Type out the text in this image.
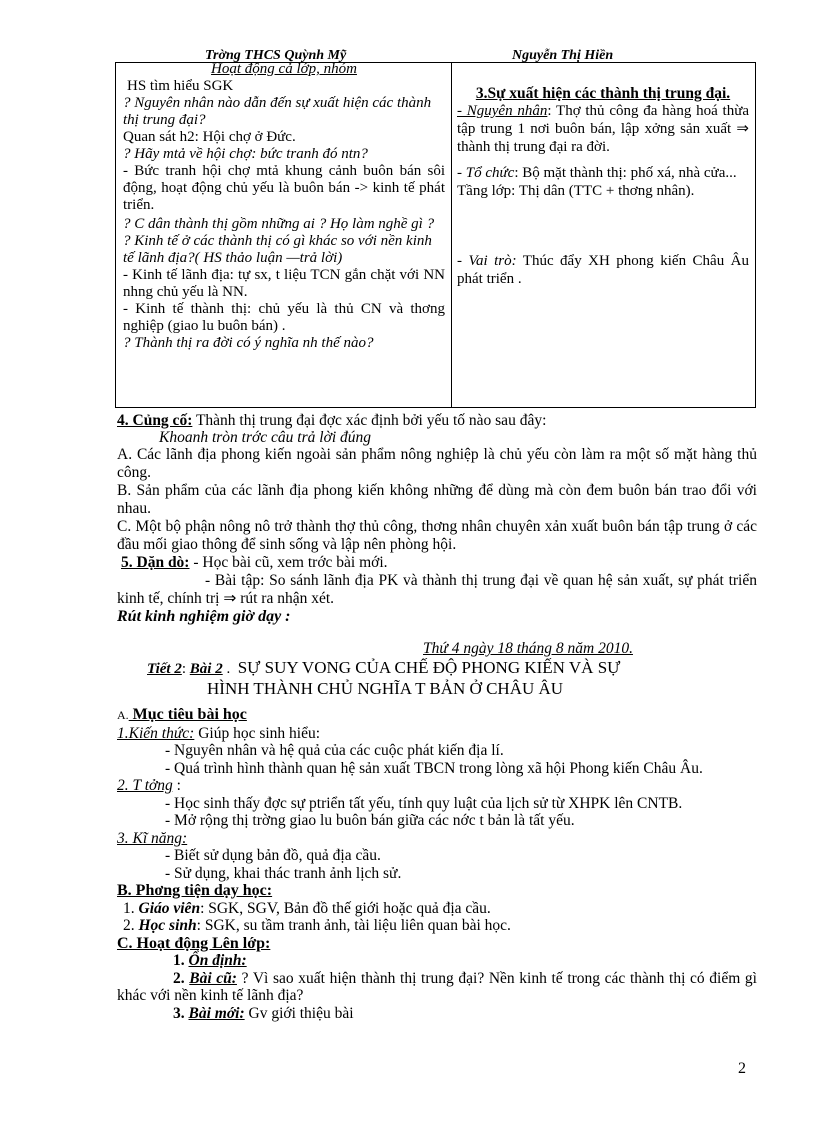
Trờng THCS Quỳnh Mỹ	Nguyễn Thị Hiền

Hoạt động cả lớp, nhóm

HS tìm hiểu SGK

? Nguyên nhân nào dẫn đến sự xuất hiện các thành thị trung đại?

Quan sát h2: Hội chợ ở Đức.

? Hãy mtả về hội chợ: bức tranh đó ntn?

- Bức tranh hội chợ mtả khung cảnh buôn bán sôi động, hoạt động chủ yếu là buôn bán -> kinh tế phát triển.

? C dân thành thị gồm những ai ? Họ làm nghề gì ?

? Kinh tế ở các thành thị có gì khác so với nền kinh tế lãnh địa?( HS thảo luận —trả lời)

- Kinh tế lãnh địa: tự sx, t liệu TCN gắn chặt với NN nhng chủ yếu là NN.

- Kinh tế thành thị: chủ yếu là thủ CN và thơng nghiệp (giao lu buôn bán) .

? Thành thị ra đời có ý nghĩa nh thế nào?

3.Sự xuất hiện các thành thị trung đại.

- Nguyên nhân: Thợ thủ công đa hàng hoá thừa tập trung 1 nơi buôn bán, lập xởng sản xuất ⇒ thành thị trung đại ra đời.

- Tổ chức: Bộ mặt thành thị: phố xá, nhà cửa...

Tầng lớp: Thị dân (TTC + thơng nhân).

- Vai trò: Thúc đẩy XH phong kiến Châu Âu phát triển .

4. Củng cố: Thành thị trung đại đợc xác định bởi yếu tố nào sau đây:

Khoanh tròn trớc câu trả lời đúng

A. Các lãnh địa phong kiến ngoài sản phẩm nông nghiệp là chủ yếu còn làm ra một số mặt hàng thủ công.

B. Sản phẩm của các lãnh địa phong kiến không những để dùng mà còn đem buôn bán trao đổi với nhau.

C. Một bộ phận nông nô trở thành thợ thủ công, thơng nhân chuyên xản xuất buôn bán tập trung ở các đầu mối giao thông để sinh sống và lập nên phòng hội.

5. Dặn dò: - Học bài cũ, xem trớc bài mới.

- Bài tập: So sánh lãnh địa PK và thành thị trung đại về quan hệ sản xuất, sự phát triển kinh tế, chính trị ⇒ rút ra nhận xét.

Rút kinh nghiệm giờ dạy :

Thứ 4 ngày 18 tháng 8 năm 2010.

Tiết 2: Bài 2 .  SỰ SUY VONG CỦA CHẾ ĐỘ PHONG KIẾN VÀ SỰ

HÌNH THÀNH CHỦ NGHĨA T BẢN Ở CHÂU ÂU

A. Mục tiêu bài học

1.Kiến thức: Giúp học sinh hiểu:

- Nguyên nhân và hệ quả của các cuộc phát kiến địa lí.

- Quá trình hình thành quan hệ sản xuất TBCN trong lòng xã hội Phong kiến Châu Âu.

2. T tởng :

- Học sinh thấy đợc sự ptriển tất yếu, tính quy luật của lịch sử từ XHPK lên CNTB.

- Mở rộng thị trờng giao lu buôn bán giữa các nớc t bản là tất yếu.

3. Kĩ năng:

- Biết sử dụng bản đồ, quả địa cầu.

- Sử dụng, khai thác tranh ảnh lịch sử.

B. Phơng tiện dạy học:

1. Giáo viên: SGK, SGV, Bản đồ thế giới hoặc quả địa cầu.

2. Học sinh: SGK, su tầm tranh ảnh, tài liệu liên quan bài học.

C. Hoạt động Lên lớp:

1. Ổn định:

2. Bài cũ: ? Vì sao xuất hiện thành thị trung đại? Nền kinh tế trong các thành thị có điểm gì khác với nền kinh tế lãnh địa?

3. Bài mới: Gv giới thiệu bài

2
